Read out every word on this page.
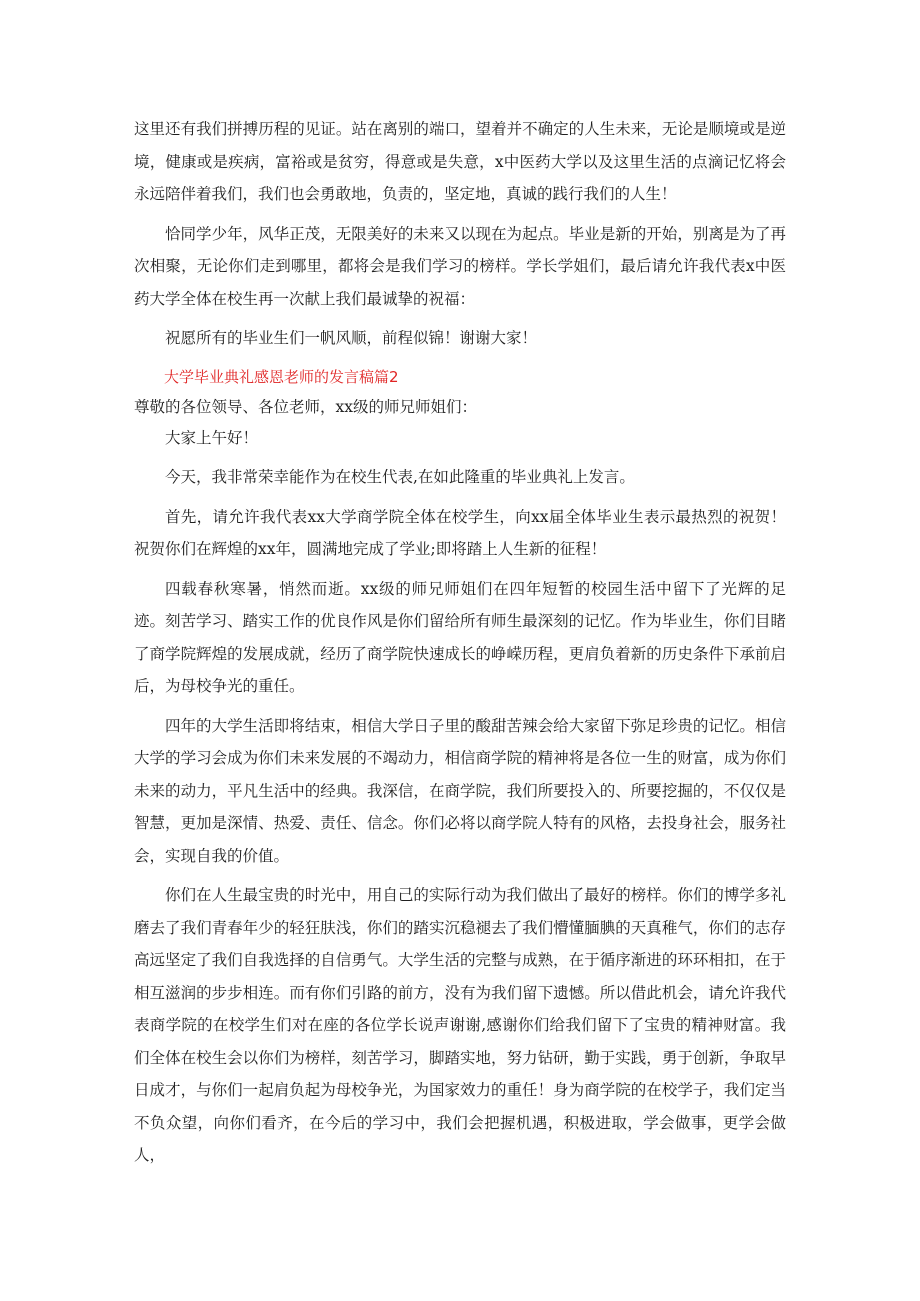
这里还有我们拼搏历程的见证。站在离别的端口，望着并不确定的人生未来，无论是顺境或是逆境，健康或是疾病，富裕或是贫穷，得意或是失意，x中医药大学以及这里生活的点滴记忆将会永远陪伴着我们，我们也会勇敢地，负责的，坚定地，真诚的践行我们的人生！

恰同学少年，风华正茂，无限美好的未来又以现在为起点。毕业是新的开始，别离是为了再次相聚，无论你们走到哪里，都将会是我们学习的榜样。学长学姐们，最后请允许我代表x中医药大学全体在校生再一次献上我们最诚挚的祝福：

祝愿所有的毕业生们一帆风顺，前程似锦！谢谢大家！

大学毕业典礼感恩老师的发言稿篇2

尊敬的各位领导、各位老师，xx级的师兄师姐们：

大家上午好！

今天，我非常荣幸能作为在校生代表,在如此隆重的毕业典礼上发言。

首先，请允许我代表xx大学商学院全体在校学生，向xx届全体毕业生表示最热烈的祝贺！祝贺你们在辉煌的xx年，圆满地完成了学业;即将踏上人生新的征程！

四载春秋寒暑，悄然而逝。xx级的师兄师姐们在四年短暂的校园生活中留下了光辉的足迹。刻苦学习、踏实工作的优良作风是你们留给所有师生最深刻的记忆。作为毕业生，你们目睹了商学院辉煌的发展成就，经历了商学院快速成长的峥嵘历程，更肩负着新的历史条件下承前启后，为母校争光的重任。

四年的大学生活即将结束，相信大学日子里的酸甜苦辣会给大家留下弥足珍贵的记忆。相信大学的学习会成为你们未来发展的不竭动力，相信商学院的精神将是各位一生的财富，成为你们未来的动力，平凡生活中的经典。我深信，在商学院，我们所要投入的、所要挖掘的，不仅仅是智慧，更加是深情、热爱、责任、信念。你们必将以商学院人特有的风格，去投身社会，服务社会，实现自我的价值。

你们在人生最宝贵的时光中，用自己的实际行动为我们做出了最好的榜样。你们的博学多礼磨去了我们青春年少的轻狂肤浅，你们的踏实沉稳褪去了我们懵懂腼腆的天真稚气，你们的志存高远坚定了我们自我选择的自信勇气。大学生活的完整与成熟，在于循序渐进的环环相扣，在于相互滋润的步步相连。而有你们引路的前方，没有为我们留下遗憾。所以借此机会，请允许我代表商学院的在校学生们对在座的各位学长说声谢谢,感谢你们给我们留下了宝贵的精神财富。我们全体在校生会以你们为榜样，刻苦学习，脚踏实地，努力钻研，勤于实践，勇于创新，争取早日成才，与你们一起肩负起为母校争光，为国家效力的重任！身为商学院的在校学子，我们定当不负众望，向你们看齐，在今后的学习中，我们会把握机遇，积极进取，学会做事，更学会做人，
